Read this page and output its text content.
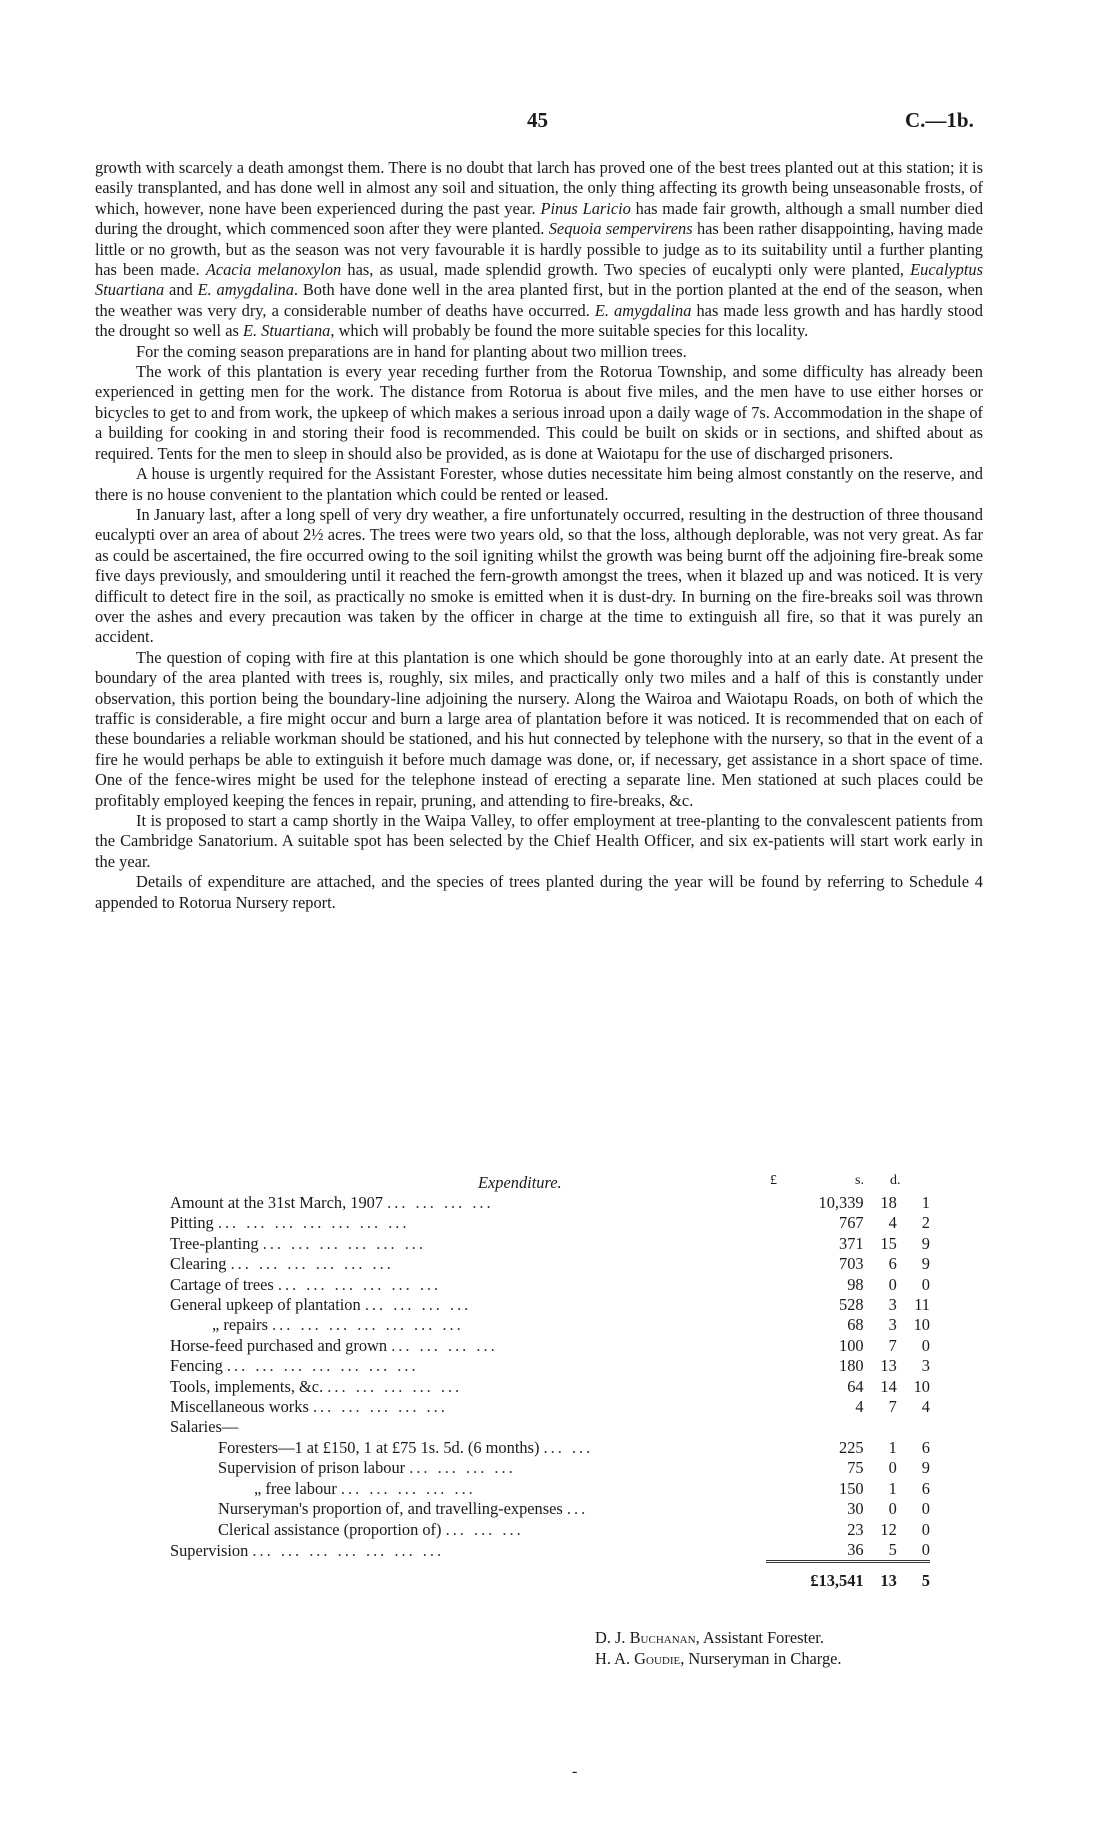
45	C.—1b.

growth with scarcely a death amongst them. There is no doubt that larch has proved one of the best trees planted out at this station; it is easily transplanted, and has done well in almost any soil and situation, the only thing affecting its growth being unseasonable frosts, of which, however, none have been experienced during the past year. Pinus Laricio has made fair growth, although a small number died during the drought, which commenced soon after they were planted. Sequoia sempervirens has been rather disappointing, having made little or no growth, but as the season was not very favourable it is hardly possible to judge as to its suitability until a further planting has been made. Acacia melanoxylon has, as usual, made splendid growth. Two species of eucalypti only were planted, Eucalyptus Stuartiana and E. amygdalina. Both have done well in the area planted first, but in the portion planted at the end of the season, when the weather was very dry, a considerable number of deaths have occurred. E. amygdalina has made less growth and has hardly stood the drought so well as E. Stuartiana, which will probably be found the more suitable species for this locality.

For the coming season preparations are in hand for planting about two million trees.

The work of this plantation is every year receding further from the Rotorua Township, and some difficulty has already been experienced in getting men for the work. The distance from Rotorua is about five miles, and the men have to use either horses or bicycles to get to and from work, the upkeep of which makes a serious inroad upon a daily wage of 7s. Accommodation in the shape of a building for cooking in and storing their food is recommended. This could be built on skids or in sections, and shifted about as required. Tents for the men to sleep in should also be provided, as is done at Waiotapu for the use of discharged prisoners.

A house is urgently required for the Assistant Forester, whose duties necessitate him being almost constantly on the reserve, and there is no house convenient to the plantation which could be rented or leased.

In January last, after a long spell of very dry weather, a fire unfortunately occurred, resulting in the destruction of three thousand eucalypti over an area of about 2½ acres. The trees were two years old, so that the loss, although deplorable, was not very great. As far as could be ascertained, the fire occurred owing to the soil igniting whilst the growth was being burnt off the adjoining fire-break some five days previously, and smouldering until it reached the fern-growth amongst the trees, when it blazed up and was noticed. It is very difficult to detect fire in the soil, as practically no smoke is emitted when it is dust-dry. In burning on the fire-breaks soil was thrown over the ashes and every precaution was taken by the officer in charge at the time to extinguish all fire, so that it was purely an accident.

The question of coping with fire at this plantation is one which should be gone thoroughly into at an early date. At present the boundary of the area planted with trees is, roughly, six miles, and practically only two miles and a half of this is constantly under observation, this portion being the boundary-line adjoining the nursery. Along the Wairoa and Waiotapu Roads, on both of which the traffic is considerable, a fire might occur and burn a large area of plantation before it was noticed. It is recommended that on each of these boundaries a reliable workman should be stationed, and his hut connected by telephone with the nursery, so that in the event of a fire he would perhaps be able to extinguish it before much damage was done, or, if necessary, get assistance in a short space of time. One of the fence-wires might be used for the telephone instead of erecting a separate line. Men stationed at such places could be profitably employed keeping the fences in repair, pruning, and attending to fire-breaks, &c.

It is proposed to start a camp shortly in the Waipa Valley, to offer employment at tree-planting to the convalescent patients from the Cambridge Sanatorium. A suitable spot has been selected by the Chief Health Officer, and six ex-patients will start work early in the year.

Details of expenditure are attached, and the species of trees planted during the year will be found by referring to Schedule 4 appended to Rotorua Nursery report.

Expenditure.	£	s. d.
Amount at the 31st March, 1907 ... ... ... ...	10,339	18	1
Pitting ... ... ... ... ... ... ...	767	4	2
Tree-planting ... ... ... ... ... ...	371	15	9
Clearing ... ... ... ... ... ...	703	6	9
Cartage of trees ... ... ... ... ... ...	98	0	0
General upkeep of plantation ... ... ... ...	528	3	11
„ repairs ... ... ... ... ... ... ...	68	3	10
Horse-feed purchased and grown ... ... ... ...	100	7	0
Fencing ... ... ... ... ... ... ...	180	13	3
Tools, implements, &c. ... ... ... ... ...	64	14	10
Miscellaneous works ... ... ... ... ...	4	7	4
Salaries—			
Foresters—1 at £150, 1 at £75 1s. 5d. (6 months) ... ...	225	1	6
Supervision of prison labour ... ... ... ...	75	0	9
„ free labour ... ... ... ... ...	150	1	6
Nurseryman's proportion of, and travelling-expenses ...	30	0	0
Clerical assistance (proportion of) ... ... ...	23	12	0
Supervision ... ... ... ... ... ... ...	36	5	0
	£13,541	13	5
D. J. Buchanan, Assistant Forester.
H. A. Goudie, Nurseryman in Charge.
-
